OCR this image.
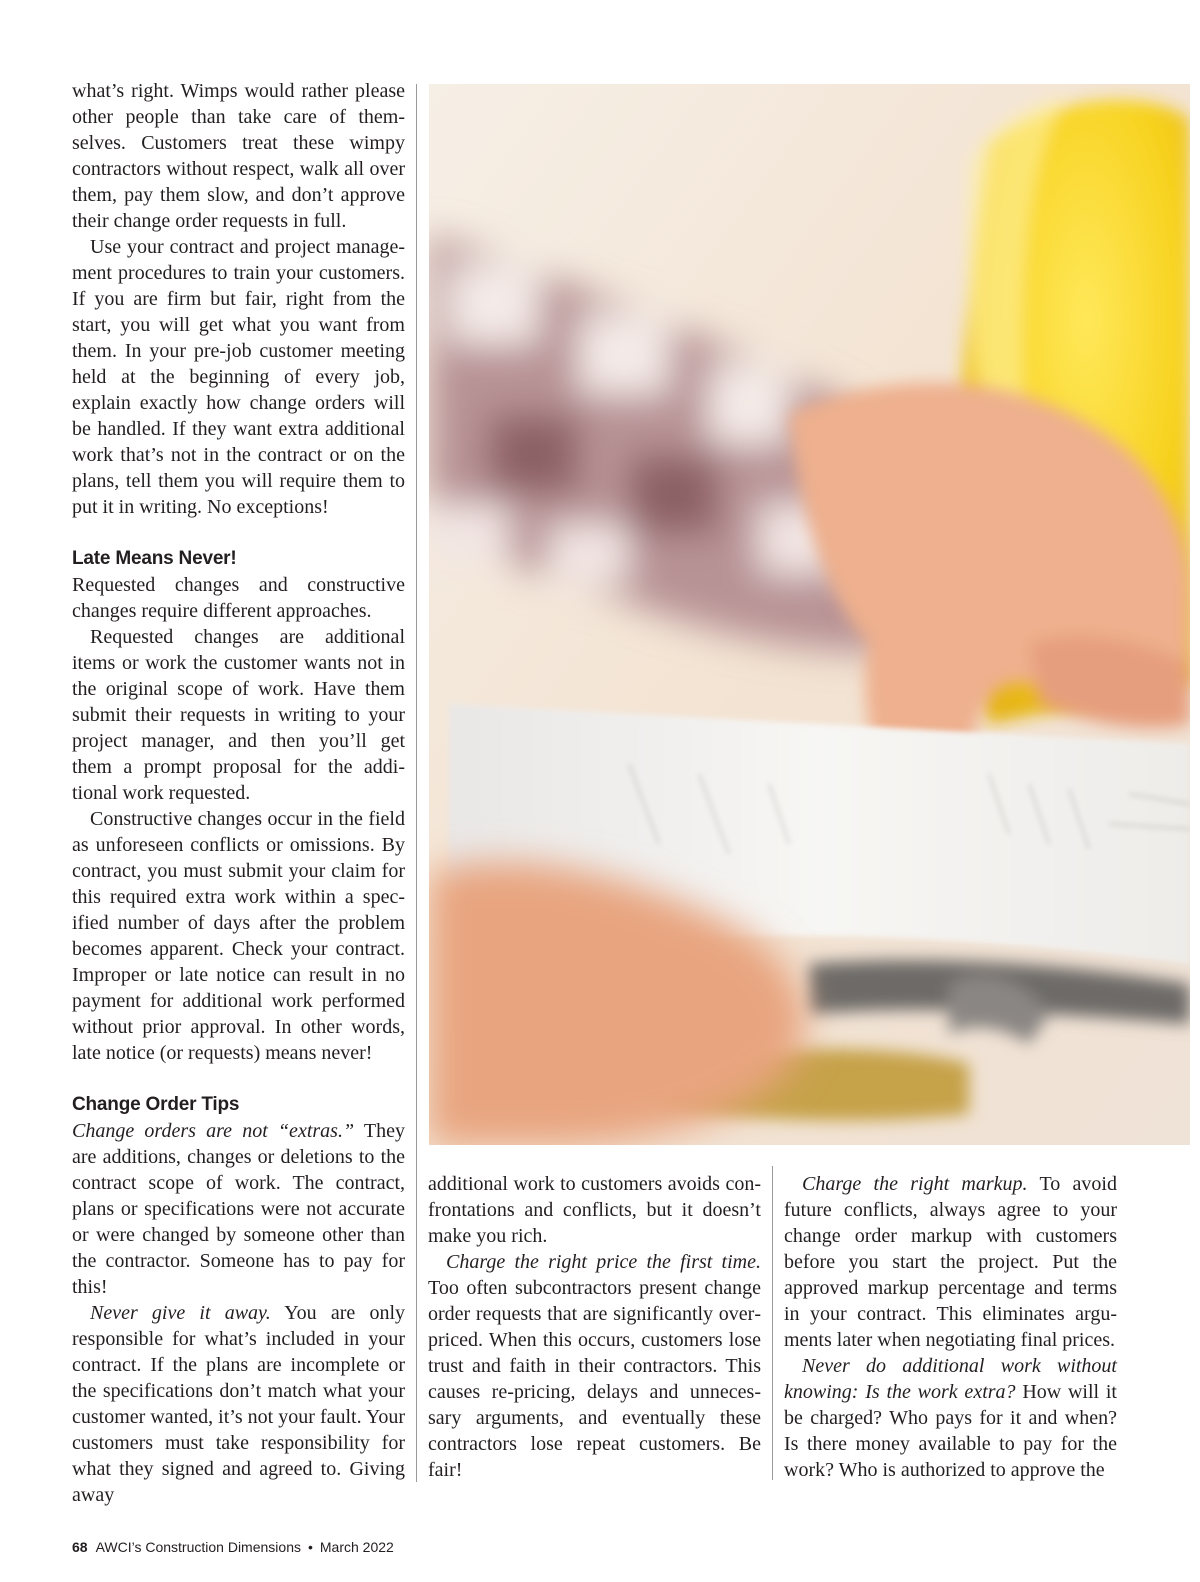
what’s right. Wimps would rather please other people than take care of themselves. Customers treat these wimpy contractors without respect, walk all over them, pay them slow, and don’t approve their change order requests in full.

Use your contract and project management procedures to train your customers. If you are firm but fair, right from the start, you will get what you want from them. In your pre-job customer meeting held at the beginning of every job, explain exactly how change orders will be handled. If they want extra additional work that’s not in the contract or on the plans, tell them you will require them to put it in writing. No exceptions!

Late Means Never!

Requested changes and constructive changes require different approaches.

Requested changes are additional items or work the customer wants not in the original scope of work. Have them submit their requests in writing to your project manager, and then you’ll get them a prompt proposal for the additional work requested.

Constructive changes occur in the field as unforeseen conflicts or omissions. By contract, you must submit your claim for this required extra work within a specified number of days after the problem becomes apparent. Check your contract. Improper or late notice can result in no payment for additional work performed without prior approval. In other words, late notice (or requests) means never!

Change Order Tips

Change orders are not “extras.” They are additions, changes or deletions to the contract scope of work. The contract, plans or specifications were not accurate or were changed by someone other than the contractor. Someone has to pay for this!

Never give it away. You are only responsible for what’s included in your contract. If the plans are incomplete or the specifications don’t match what your customer wanted, it’s not your fault. Your customers must take responsibility for what they signed and agreed to. Giving away

additional work to customers avoids confrontations and conflicts, but it doesn’t make you rich.

Charge the right price the first time. Too often subcontractors present change order requests that are significantly overpriced. When this occurs, customers lose trust and faith in their contractors. This causes re-pricing, delays and unnecessary arguments, and eventually these contractors lose repeat customers. Be fair!

Charge the right markup. To avoid future conflicts, always agree to your change order markup with customers before you start the project. Put the approved markup percentage and terms in your contract. This eliminates arguments later when negotiating final prices.

Never do additional work without knowing: Is the work extra? How will it be charged? Who pays for it and when? Is there money available to pay for the work? Who is authorized to approve the

68 AWCI’s Construction Dimensions • March 2022
